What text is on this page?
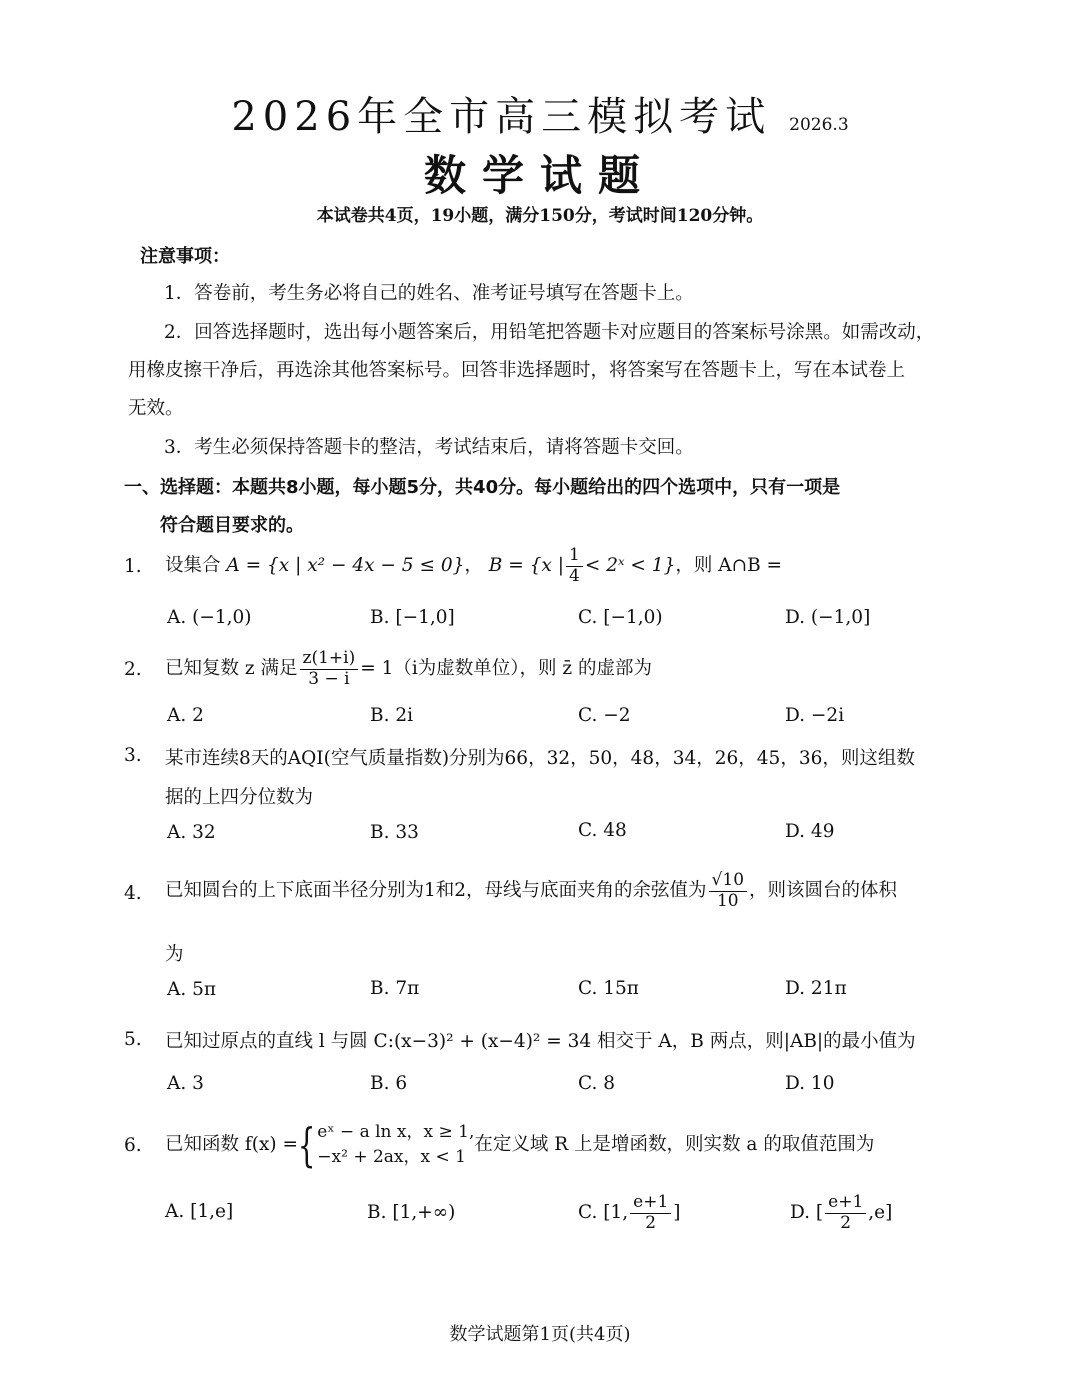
2026年全市高三模拟考试 2026.3
数学试题
本试卷共4页，19小题，满分150分，考试时间120分钟。
注意事项：
1．答卷前，考生务必将自己的姓名、准考证号填写在答题卡上。
2．回答选择题时，选出每小题答案后，用铅笔把答题卡对应题目的答案标号涂黑。如需改动，
用橡皮擦干净后，再选涂其他答案标号。回答非选择题时，将答案写在答题卡上，写在本试卷上
无效。
3．考生必须保持答题卡的整洁，考试结束后，请将答题卡交回。
一、选择题：本题共8小题，每小题5分，共40分。每小题给出的四个选项中，只有一项是
符合题目要求的。
1. 设集合 A = {x | x² − 4x − 5 ≤ 0}， B = {x | $\frac{1}{4}$ < 2ˣ < 1}，则 A∩B =
A. (−1,0)	B. [−1,0]	C. [−1,0)	D. (−1,0]
2. 已知复数 z 满足 $\frac{z(1+i)}{3 - i} = 1(i$为虚数单位），则 z̄ 的虚部为
A. 2	B. 2i	C. −2	D. −2i
3. 某市连续8天的AQI(空气质量指数)分别为66，32，50，48，34，26，45，36，则这组数
据的上四分位数为
A. 32	B. 33	C. 48	D. 49
4. 已知圆台的上下底面半径分别为1和2，母线与底面夹角的余弦值为 $\frac{√10}{10}$ ，则该圆台的体积
为
A. 5π	B. 7π	C. 15π	D. 21π
5. 已知过原点的直线 l 与圆 C:(x−3)² + (x−4)² = 34 相交于 A，B 两点，则|AB|的最小值为
A. 3	B. 6	C. 8	D. 10
6. 已知函数 f(x) ={ eˣ − a ln x，x ≥ 1,
−x² + 2ax，x < 1
在定义域 R 上是增函数，则实数 a 的取值范围为
A. [1,e]	B. [1,+∞)	C. [1, $\frac{e+1}{2}$ ]	D. [ $\frac{e+1}{2} ,e$]
数学试题第1页(共4页)
